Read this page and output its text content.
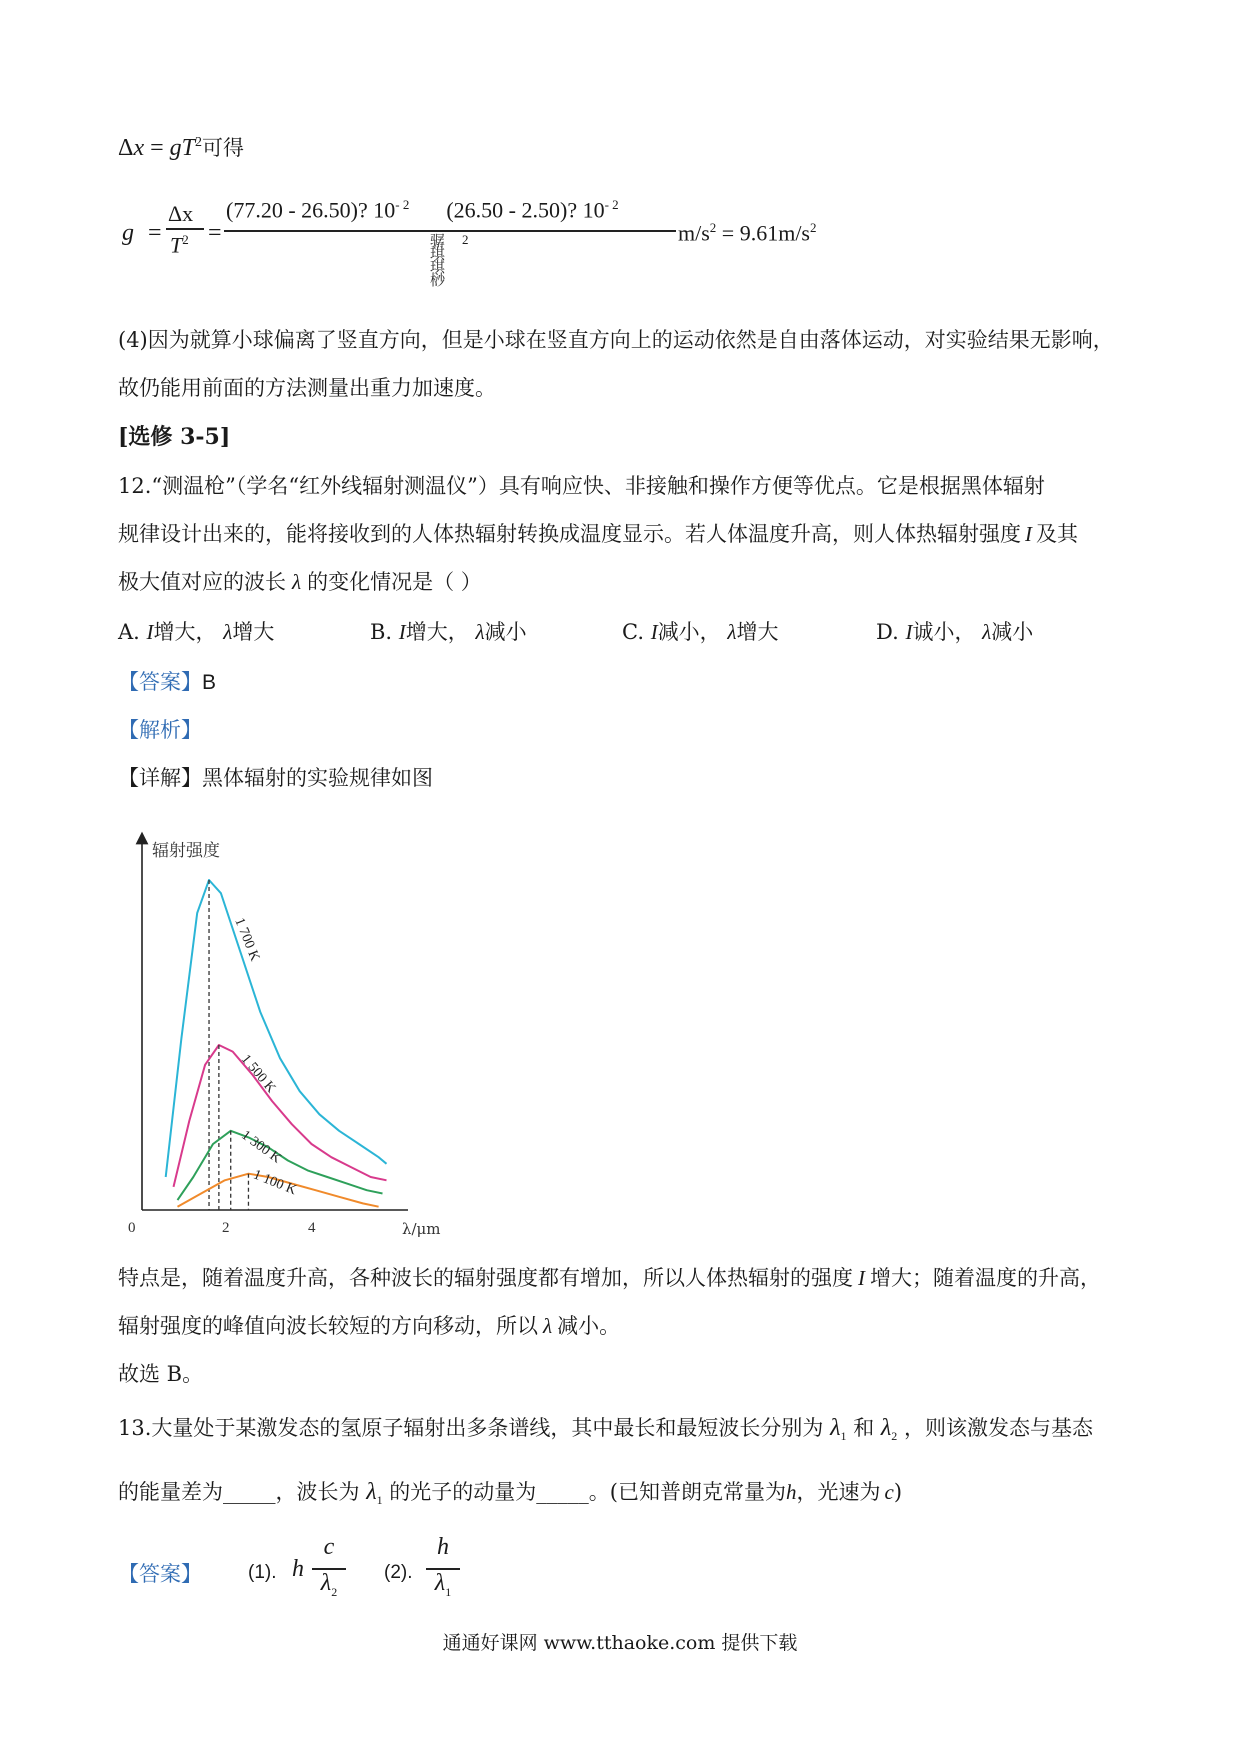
$\Delta x = gT^2$可得
g =
Δx
$T^2$ =
(77.20 - 26.50)? $10^{- 2}$ (26.50 - 2.50)? $10^{- 2}$
骣
琪
琪
桫
2	$m/s^2 = 9.61m/s^2$
(4)因为就算小球偏离了竖直方向，但是小球在竖直方向上的运动依然是自由落体运动，对实验结果无影响，
故仍能用前面的方法测量出重力加速度。
[选修 3-5]
12.“测温枪”（学名“红外线辐射测温仪”）具有响应快、非接触和操作方便等优点。它是根据黑体辐射
规律设计出来的，能将接收到的人体热辐射转换成温度显示。若人体温度升高，则人体热辐射强度 I 及其
极大值对应的波长 λ 的变化情况是（ ）
A. I增大， λ增大	B. I增大， λ减小	C. I减小， λ增大	D. I诚小， λ减小
【答案】B
【解析】
【详解】黑体辐射的实验规律如图
辐射强度
λ/μm
0	2	4
1 700 K
1 500 K
1 300 K
1 100 K
特点是，随着温度升高，各种波长的辐射强度都有增加，所以人体热辐射的强度 I 增大；随着温度的升高，
辐射强度的峰值向波长较短的方向移动，所以 λ 减小。
故选 B。
13.大量处于某激发态的氢原子辐射出多条谱线，其中最长和最短波长分别为 $\lambda_1$ 和 $\lambda_2$ ，则该激发态与基态
的能量差为_____，波长为 $\lambda_1$ 的光子的动量为_____。(已知普朗克常量为h，光速为 c)
【答案】 (1). h
c
$\lambda_2$
(2).
h
$\lambda_1$
通通好课网 www.tthaoke.com 提供下载
